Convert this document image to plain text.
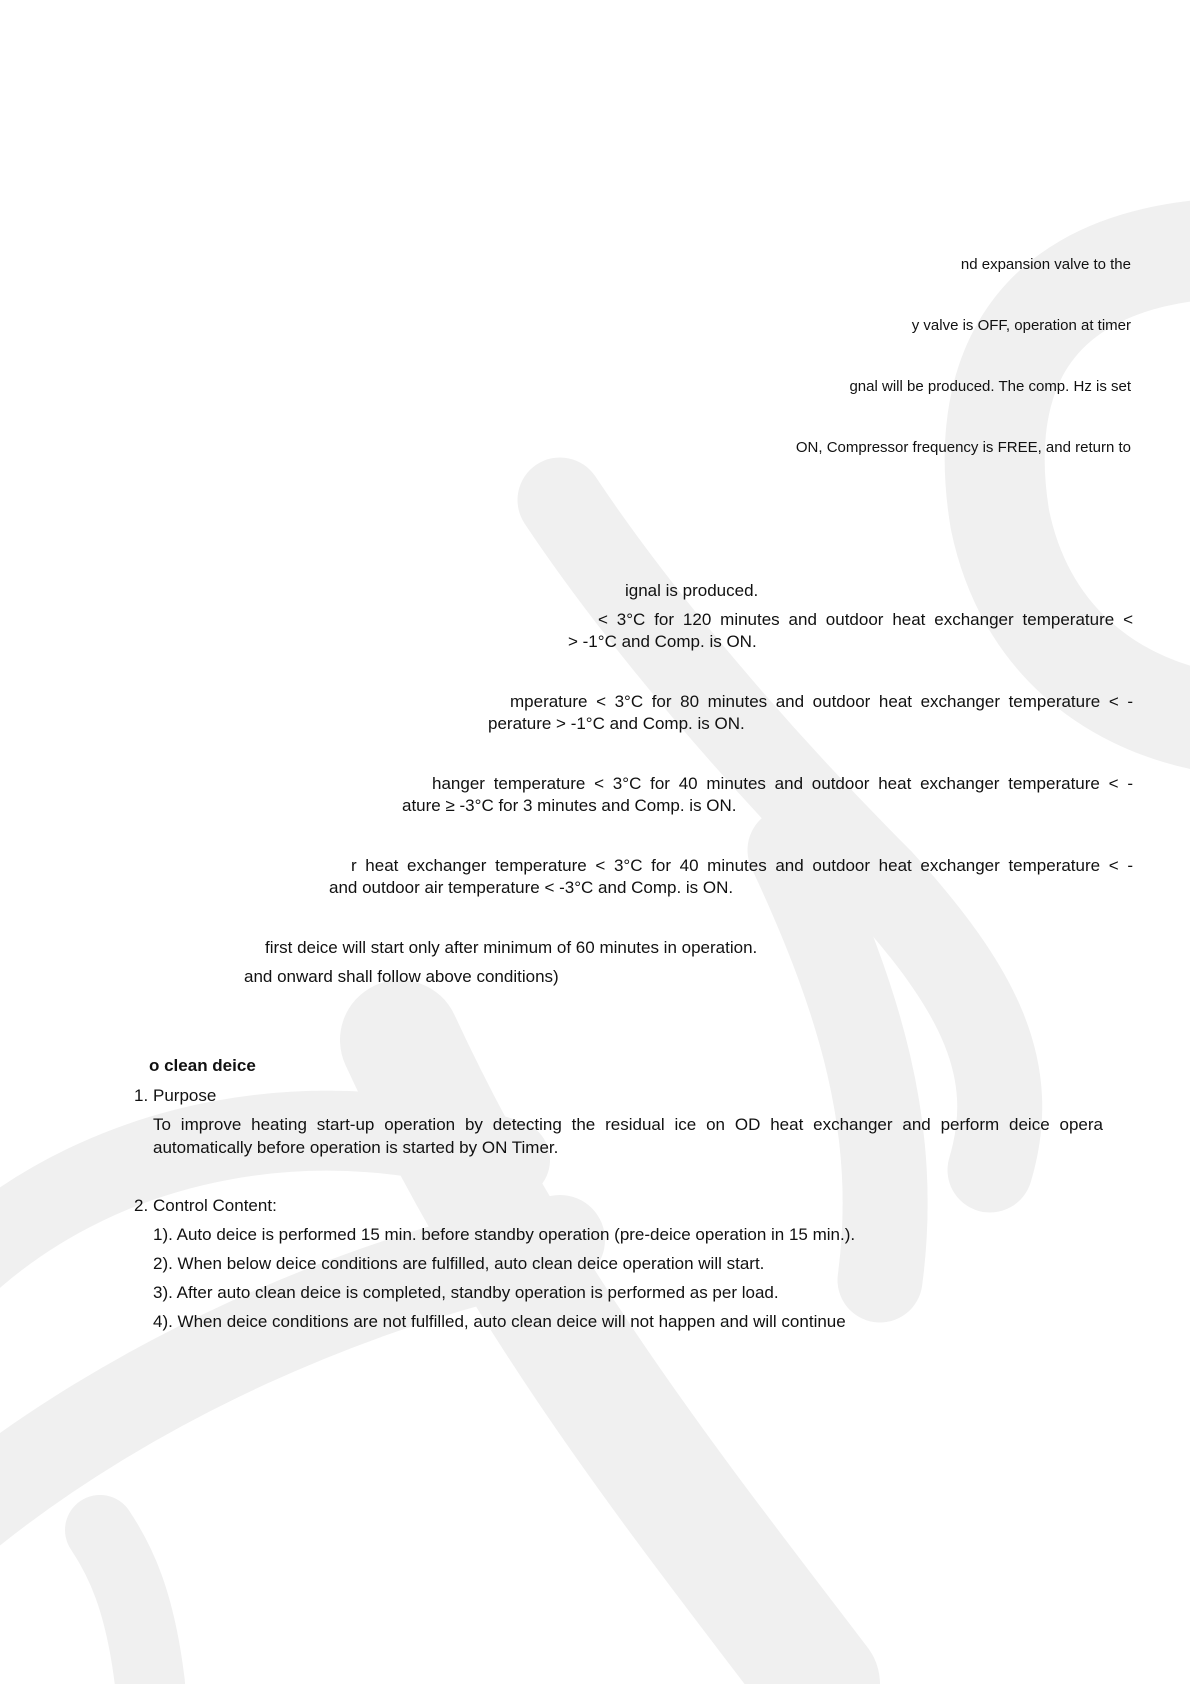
nd expansion valve to the
y valve is OFF, operation at timer
gnal will be produced. The comp. Hz is set
ON, Compressor frequency is FREE, and return to
ignal is produced.
< 3°C for 120 minutes and outdoor heat exchanger temperature <
> -1°C and Comp. is ON.
mperature < 3°C for 80 minutes and outdoor heat exchanger temperature < -
perature > -1°C and Comp. is ON.
hanger temperature < 3°C for 40 minutes and outdoor heat exchanger temperature < -
ature ≥ -3°C for 3 minutes and Comp. is ON.
r heat exchanger temperature < 3°C for 40 minutes and outdoor heat exchanger temperature < -
and outdoor air temperature < -3°C and Comp. is ON.
first deice will start only after minimum of 60 minutes in operation.
and onward shall follow above conditions)
o clean deice
1. Purpose
To improve heating start-up operation by detecting the residual ice on OD heat exchanger and perform deice opera
automatically before operation is started by ON Timer.
2. Control Content:
1). Auto deice is performed 15 min. before standby operation (pre-deice operation in 15 min.).
2). When below deice conditions are fulfilled, auto clean deice operation will start.
3). After auto clean deice is completed, standby operation is performed as per load.
4). When deice conditions are not fulfilled, auto clean deice will not happen and will continue
